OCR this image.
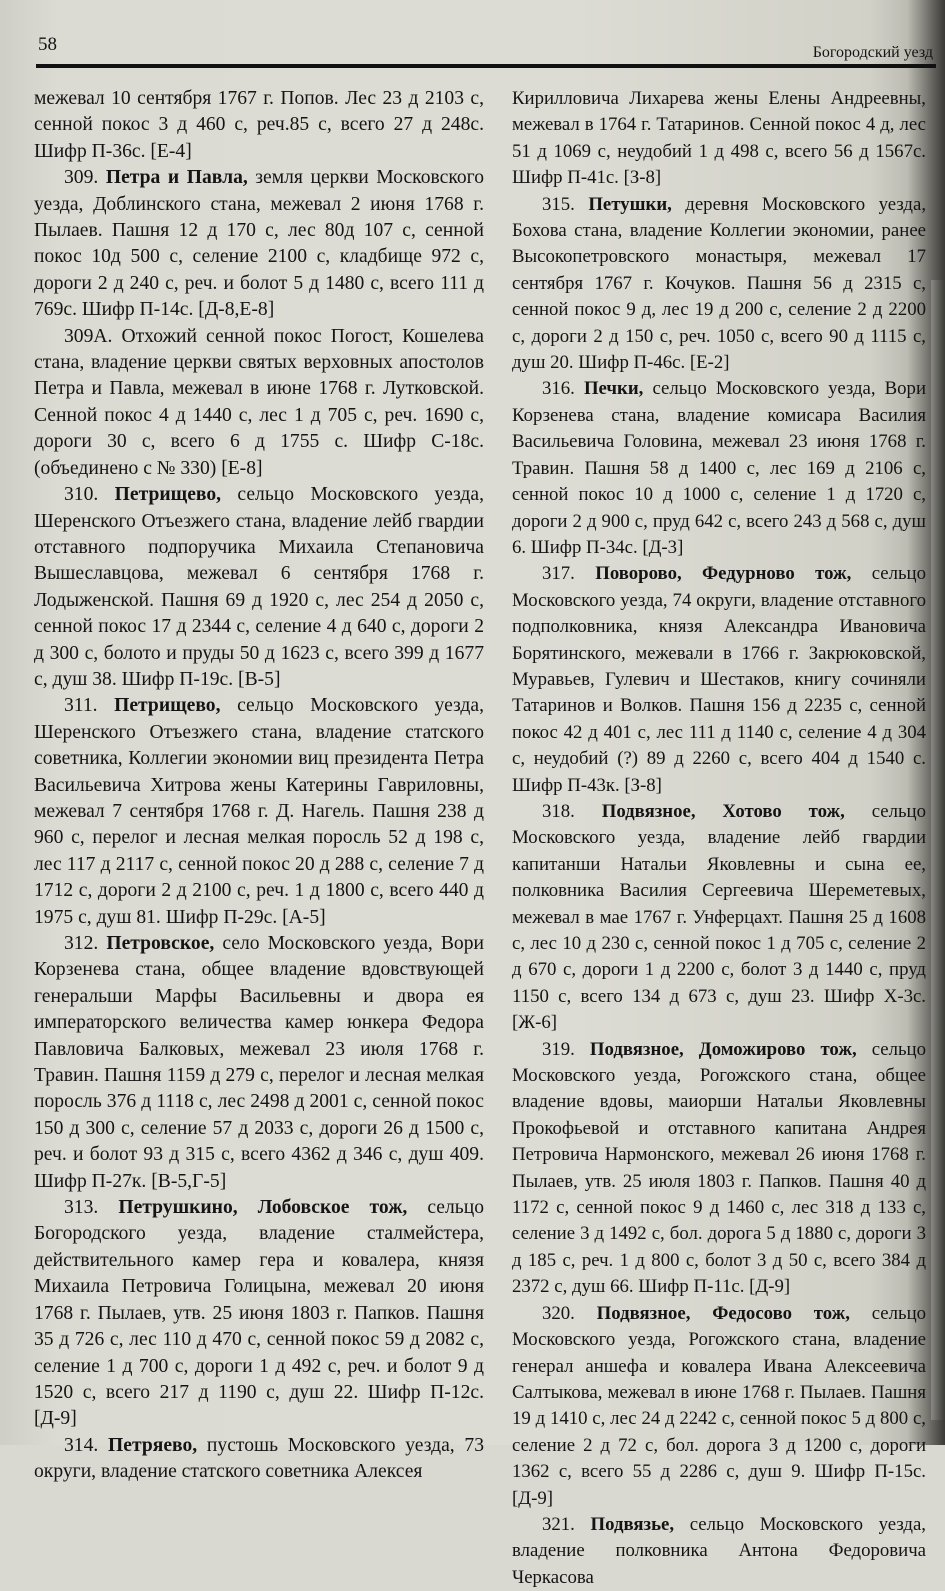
58	Богородский уезд

межевал 10 сентября 1767 г. Попов. Лес 23 д 2103 с, сенной покос 3 д 460 с, реч.85 с, всего 27 д 248с. Шифр П-36с. [Е-4]

309. Петра и Павла, земля церкви Московского уезда, Доблинского стана, межевал 2 июня 1768 г. Пылаев. Пашня 12 д 170 с, лес 80д 107 с, сенной покос 10д 500 с, селение 2100 с, кладбище 972 с, дороги 2 д 240 с, реч. и болот 5 д 1480 с, всего 111 д 769с. Шифр П-14с. [Д-8,Е-8]

309А. Отхожий сенной покос Погост, Кошелева стана, владение церкви святых верховных апостолов Петра и Павла, межевал в июне 1768 г. Лутковской. Сенной покос 4 д 1440 с, лес 1 д 705 с, реч. 1690 с, дороги 30 с, всего 6 д 1755 с. Шифр С-18с. (объединено с № 330) [Е-8]

310. Петрищево, сельцо Московского уезда, Шеренского Отъезжего стана, владение лейб гвардии отставного подпоручика Михаила Степановича Вышеславцова, межевал 6 сентября 1768 г. Лодыженской. Пашня 69 д 1920 с, лес 254 д 2050 с, сенной покос 17 д 2344 с, селение 4 д 640 с, дороги 2 д 300 с, болото и пруды 50 д 1623 с, всего 399 д 1677 с, душ 38. Шифр П-19с. [В-5]

311. Петрищево, сельцо Московского уезда, Шеренского Отъезжего стана, владение статского советника, Коллегии экономии виц президента Петра Васильевича Хитрова жены Катерины Гавриловны, межевал 7 сентября 1768 г. Д. Нагель. Пашня 238 д 960 с, перелог и лесная мелкая поросль 52 д 198 с, лес 117 д 2117 с, сенной покос 20 д 288 с, селение 7 д 1712 с, дороги 2 д 2100 с, реч. 1 д 1800 с, всего 440 д 1975 с, душ 81. Шифр П-29с. [А-5]

312. Петровское, село Московского уезда, Вори Корзенева стана, общее владение вдовствующей генеральши Марфы Васильевны и двора ея императорского величества камер юнкера Федора Павловича Балковых, межевал 23 июля 1768 г. Травин. Пашня 1159 д 279 с, перелог и лесная мелкая поросль 376 д 1118 с, лес 2498 д 2001 с, сенной покос 150 д 300 с, селение 57 д 2033 с, дороги 26 д 1500 с, реч. и болот 93 д 315 с, всего 4362 д 346 с, душ 409. Шифр П-27к. [В-5,Г-5]

313. Петрушкино, Лобовское тож, сельцо Богородского уезда, владение сталмейстера, действительного камер гера и ковалера, князя Михаила Петровича Голицына, межевал 20 июня 1768 г. Пылаев, утв. 25 июня 1803 г. Папков. Пашня 35 д 726 с, лес 110 д 470 с, сенной покос 59 д 2082 с, селение 1 д 700 с, дороги 1 д 492 с, реч. и болот 9 д 1520 с, всего 217 д 1190 с, душ 22. Шифр П-12с. [Д-9]

314. Петряево, пустошь Московского уезда, 73 округи, владение статского советника Алексея

Кирилловича Лихарева жены Елены Андреевны, межевал в 1764 г. Татаринов. Сенной покос 4 д, лес 51 д 1069 с, неудобий 1 д 498 с, всего 56 д 1567с. Шифр П-41с. [З-8]

315. Петушки, деревня Московского уезда, Бохова стана, владение Коллегии экономии, ранее Высокопетровского монастыря, межевал 17 сентября 1767 г. Кочуков. Пашня 56 д 2315 с, сенной покос 9 д, лес 19 д 200 с, селение 2 д 2200 с, дороги 2 д 150 с, реч. 1050 с, всего 90 д 1115 с, душ 20. Шифр П-46с. [Е-2]

316. Печки, сельцо Московского уезда, Вори Корзенева стана, владение комисара Василия Васильевича Головина, межевал 23 июня 1768 г. Травин. Пашня 58 д 1400 с, лес 169 д 2106 с, сенной покос 10 д 1000 с, селение 1 д 1720 с, дороги 2 д 900 с, пруд 642 с, всего 243 д 568 с, душ 6. Шифр П-34с. [Д-3]

317. Поворово, Федурново тож, сельцо Московского уезда, 74 округи, владение отставного подполковника, князя Александра Ивановича Борятинского, межевали в 1766 г. Закрюковской, Муравьев, Гулевич и Шестаков, книгу сочиняли Татаринов и Волков. Пашня 156 д 2235 с, сенной покос 42 д 401 с, лес 111 д 1140 с, селение 4 д 304 с, неудобий (?) 89 д 2260 с, всего 404 д 1540 с. Шифр П-43к. [З-8]

318. Подвязное, Хотово тож, сельцо Московского уезда, владение лейб гвардии капитанши Натальи Яковлевны и сына ее, полковника Василия Сергеевича Шереметевых, межевал в мае 1767 г. Унферцахт. Пашня 25 д 1608 с, лес 10 д 230 с, сенной покос 1 д 705 с, селение 2 д 670 с, дороги 1 д 2200 с, болот 3 д 1440 с, пруд 1150 с, всего 134 д 673 с, душ 23. Шифр Х-3с. [Ж-6]

319. Подвязное, Доможирово тож, сельцо Московского уезда, Рогожского стана, общее владение вдовы, маиорши Натальи Яковлевны Прокофьевой и отставного капитана Андрея Петровича Нармонского, межевал 26 июня 1768 г. Пылаев, утв. 25 июля 1803 г. Папков. Пашня 40 д 1172 с, сенной покос 9 д 1460 с, лес 318 д 133 с, селение 3 д 1492 с, бол. дорога 5 д 1880 с, дороги 3 д 185 с, реч. 1 д 800 с, болот 3 д 50 с, всего 384 д 2372 с, душ 66. Шифр П-11с. [Д-9]

320. Подвязное, Федосово тож, сельцо Московского уезда, Рогожского стана, владение генерал аншефа и ковалера Ивана Алексеевича Салтыкова, межевал в июне 1768 г. Пылаев. Пашня 19 д 1410 с, лес 24 д 2242 с, сенной покос 5 д 800 с, селение 2 д 72 с, бол. дорога 3 д 1200 с, дороги 1362 с, всего 55 д 2286 с, душ 9. Шифр П-15с. [Д-9]

321. Подвязье, сельцо Московского уезда, владение полковника Антона Федоровича Черкасова
